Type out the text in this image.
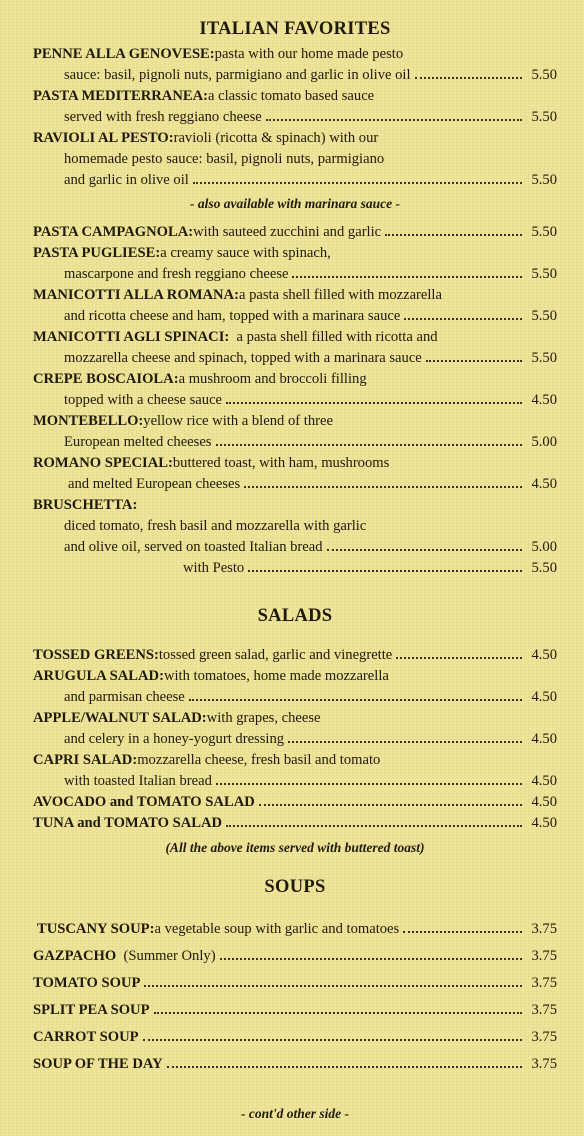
ITALIAN FAVORITES
PENNE ALLA GENOVESE: pasta with our home made pesto
sauce: basil, pignoli nuts, parmigiano and garlic in olive oil	5.50
PASTA MEDITERRANEA: a classic tomato based sauce
served with fresh reggiano cheese	5.50
RAVIOLI AL PESTO: ravioli (ricotta & spinach) with our
homemade pesto sauce: basil, pignoli nuts, parmigiano
and garlic in olive oil	5.50
- also available with marinara sauce -
PASTA CAMPAGNOLA: with sauteed zucchini and garlic	5.50
PASTA PUGLIESE: a creamy sauce with spinach,
mascarpone and fresh reggiano cheese	5.50
MANICOTTI ALLA ROMANA: a pasta shell filled with mozzarella
and ricotta cheese and ham, topped with a marinara sauce	5.50
MANICOTTI AGLI SPINACI: a pasta shell filled with ricotta and
mozzarella cheese and spinach, topped with a marinara sauce	5.50
CREPE BOSCAIOLA: a mushroom and broccoli filling
topped with a cheese sauce	4.50
MONTEBELLO: yellow rice with a blend of three
European melted cheeses	5.00
ROMANO SPECIAL: buttered toast, with ham, mushrooms
and melted European cheeses	4.50
BRUSCHETTA:
diced tomato, fresh basil and mozzarella with garlic
and olive oil, served on toasted Italian bread	5.00
with Pesto	5.50
SALADS
TOSSED GREENS: tossed green salad, garlic and vinegrette	4.50
ARUGULA SALAD: with tomatoes, home made mozzarella
and parmisan cheese	4.50
APPLE/WALNUT SALAD: with grapes, cheese
and celery in a honey-yogurt dressing	4.50
CAPRI SALAD: mozzarella cheese, fresh basil and tomato
with toasted Italian bread	4.50
AVOCADO and TOMATO SALAD	4.50
TUNA and TOMATO SALAD	4.50
(All the above items served with buttered toast)
SOUPS
TUSCANY SOUP: a vegetable soup with garlic and tomatoes	3.75
GAZPACHO (Summer Only)	3.75
TOMATO SOUP	3.75
SPLIT PEA SOUP	3.75
CARROT SOUP	3.75
SOUP OF THE DAY	3.75
- cont'd other side -
